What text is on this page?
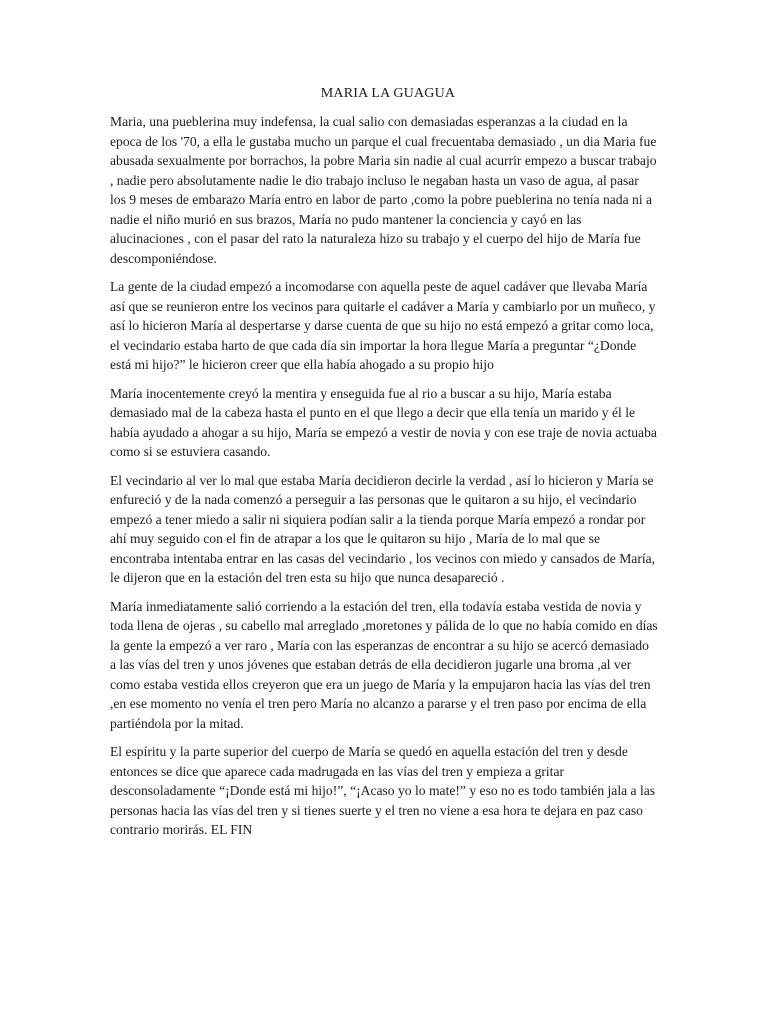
MARIA LA GUAGUA

Maria, una pueblerina muy indefensa, la cual salio con demasiadas esperanzas a la ciudad en la epoca de los '70, a ella le gustaba mucho un parque el cual frecuentaba demasiado , un dia Maria fue abusada sexualmente por borrachos, la pobre Maria sin nadie al cual acurrir empezo a buscar trabajo , nadie pero absolutamente nadie le dio trabajo incluso le negaban hasta un vaso de agua, al pasar los 9 meses de embarazo María entro en labor de parto ,como la pobre pueblerina no tenía nada ni a nadie el niño murió en sus brazos, María no pudo mantener la conciencia y cayó en las alucinaciones , con el pasar del rato la naturaleza hizo su trabajo y el cuerpo del hijo de María fue descomponiéndose.

La gente de la ciudad empezó a incomodarse con aquella peste de aquel cadáver que llevaba María así que se reunieron entre los vecinos para quitarle el cadáver a María y cambiarlo por un muñeco, y así lo hicieron María al despertarse y darse cuenta de que su hijo no está empezó a gritar como loca, el vecindario estaba harto de que cada día sin importar la hora llegue María a preguntar “¿Donde está mi hijo?” le hicieron creer que ella había ahogado a su propio hijo

María inocentemente creyó la mentira y enseguida fue al rio a buscar a su hijo, María estaba demasiado mal de la cabeza hasta el punto en el que llego a decir que ella tenía un marido y él le había ayudado a ahogar a su hijo, María se empezó a vestir de novia y con ese traje de novia actuaba como si se estuviera casando.

El vecindario al ver lo mal que estaba María decidieron decirle la verdad , así lo hicieron y María se enfureció y de la nada comenzó a perseguir a las personas que le quitaron a su hijo, el vecindario empezó a tener miedo a salir ni siquiera podían salir a la tienda porque María empezó a rondar por ahí muy seguido con el fin de atrapar a los que le quitaron su hijo , María de lo mal que se encontraba intentaba entrar en las casas del vecindario , los vecinos con miedo y cansados de María, le dijeron que en la estación del tren esta su hijo que nunca desapareció .

María inmediatamente salió corriendo a la estación del tren, ella todavía estaba vestida de novia y toda llena de ojeras , su cabello mal arreglado ,moretones y pálida de lo que no había comido en días la gente la empezó a ver raro , María con las esperanzas de encontrar a su hijo se acercó demasiado a las vías del tren y unos jóvenes que estaban detrás de ella decidieron jugarle una broma ,al ver como estaba vestida ellos creyeron que era un juego de María y la empujaron hacia las vías del tren ,en ese momento no venía el tren pero María no alcanzo a pararse y el tren paso por encima de ella partiéndola por la mitad.

El espíritu y la parte superior del cuerpo de María se quedó en aquella estación del tren y desde entonces se dice que aparece cada madrugada en las vías del tren y empieza a gritar desconsoladamente “¡Donde está mi hijo!”, “¡Acaso yo lo mate!” y eso no es todo también jala a las personas hacia las vías del tren y si tienes suerte y el tren no viene a esa hora te dejara en paz caso contrario morirás. EL FIN
